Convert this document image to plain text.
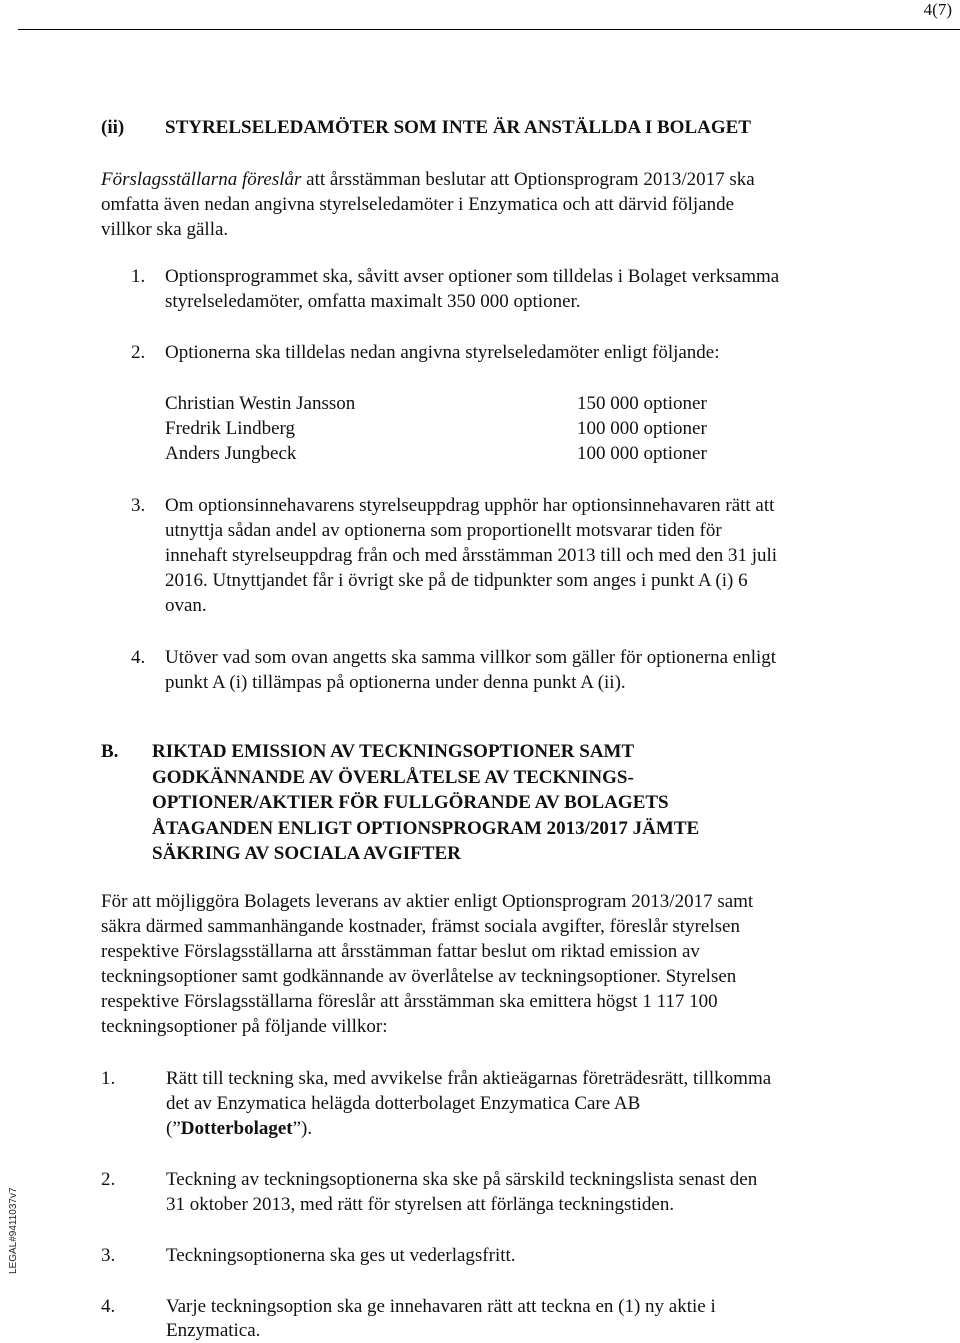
4(7)
LEGAL#9411037v7
(ii) STYRELSELEDAMÖTER SOM INTE ÄR ANSTÄLLDA I BOLAGET
Förslagsställarna föreslår att årsstämman beslutar att Optionsprogram 2013/2017 ska
omfatta även nedan angivna styrelseledamöter i Enzymatica och att därvid följande
villkor ska gälla.
1. Optionsprogrammet ska, såvitt avser optioner som tilldelas i Bolaget verksamma
styrelseledamöter, omfatta maximalt 350 000 optioner.
2. Optionerna ska tilldelas nedan angivna styrelseledamöter enligt följande:
Christian Westin Jansson	150 000 optioner
Fredrik Lindberg	100 000 optioner
Anders Jungbeck	100 000 optioner
3. Om optionsinnehavarens styrelseuppdrag upphör har optionsinnehavaren rätt att
utnyttja sådan andel av optionerna som proportionellt motsvarar tiden för
innehaft styrelseuppdrag från och med årsstämman 2013 till och med den 31 juli
2016. Utnyttjandet får i övrigt ske på de tidpunkter som anges i punkt A (i) 6
ovan.
4. Utöver vad som ovan angetts ska samma villkor som gäller för optionerna enligt
punkt A (i) tillämpas på optionerna under denna punkt A (ii).
B. RIKTAD EMISSION AV TECKNINGSOPTIONER SAMT
GODKÄNNANDE AV ÖVERLÅTELSE AV TECKNINGS-
OPTIONER/AKTIER FÖR FULLGÖRANDE AV BOLAGETS
ÅTAGANDEN ENLIGT OPTIONSPROGRAM 2013/2017 JÄMTE
SÄKRING AV SOCIALA AVGIFTER
För att möjliggöra Bolagets leverans av aktier enligt Optionsprogram 2013/2017 samt
säkra därmed sammanhängande kostnader, främst sociala avgifter, föreslår styrelsen
respektive Förslagsställarna att årsstämman fattar beslut om riktad emission av
teckningsoptioner samt godkännande av överlåtelse av teckningsoptioner. Styrelsen
respektive Förslagsställarna föreslår att årsstämman ska emittera högst 1 117 100
teckningsoptioner på följande villkor:
1.	Rätt till teckning ska, med avvikelse från aktieägarnas företrädesrätt, tillkomma
det av Enzymatica helägda dotterbolaget Enzymatica Care AB
(”Dotterbolaget”).
2.	Teckning av teckningsoptionerna ska ske på särskild teckningslista senast den
31 oktober 2013, med rätt för styrelsen att förlänga teckningstiden.
3.	Teckningsoptionerna ska ges ut vederlagsfritt.
4.	Varje teckningsoption ska ge innehavaren rätt att teckna en (1) ny aktie i
Enzymatica.
